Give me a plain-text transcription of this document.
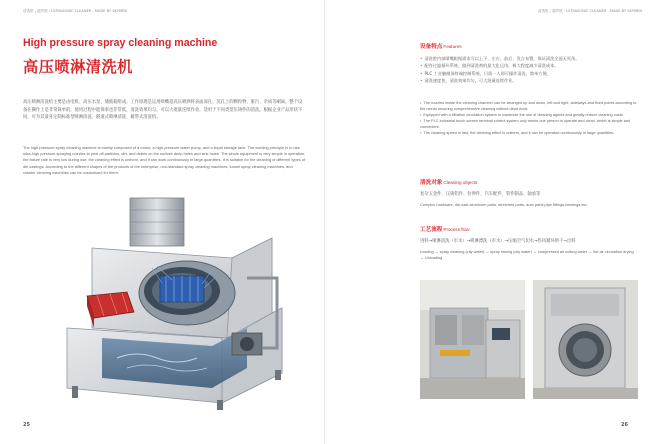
清洗机|超声波/ULTRASONIC CLEANER - MADE BY SKYMEN
High pressure spray cleaning machine
高压喷淋清洗机

高压喷淋清洗机主要是由电机、高压水泵、储液箱组成。工作原理是运用喷嘴超高压喷洒将表面深孔、沉孔上的颗粒物、脏污、杂质等刷离。整个设备在操作上是非常简单的，使用过程中能保率也非常低，清洗效果均匀，可以大批量连续作业。适用于不同类型压铸件的清洗。根据企业产品形状不同，可为其量身定制标准型喷淋清洗、隧道式喷淋清洗、履带式清洗机。

The high-pressure spray cleaning machine is mainly composed of a motor, a high-pressure water pump, and a liquid storage tank. The working principle is to use ultra-high pressure spraying nozzles to peel off particles, dirt, and debris on the surface deep holes and sink holes. The whole equipment is very simple in operation, the failure rate is very low during use, the cleaning effect is uniform, and it can work continuously in large quantities. It is suitable for the cleaning of different types of die castings. According to the different shapes of the products of the enterprise, non-standard spray cleaning machines, tunnel spray cleaning machines, and crawler cleaning machines can be customized for them.

25
清洗机|超声波/ULTRASONIC CLEANER - MADE BY SKYMEN
设备特点Features
• 清洗腔内部喷嘴根据需求可以上下、左右、前后、发点布置，保证清洗全面无死角。
• 配有过滤循环系统，做到清洗剂的最大化运用，极大程度减少清洗成本。
• PLC 工业触摸屏终端控制系统，只需一人即可操作清洗，简单方便。
• 清洗速度快，清洗效果均匀，可大批量连续作业。
• The nozzles inside the cleaning chamber can be arranged up and down, left and right, sideways and fixed points according to the needs ensuring comprehensive cleaning without dead ends.
• Equipped with a filtration circulation system to maximize the use of cleaning agents and greatly reduce cleaning costs.
• The PLC industrial touch screen terminal control system only needs one person to operate and clean, which is simple and convenient.
• The cleaning speed is fast, the cleaning effect is uniform, and it can be operated continuously in large quantities.
清洗对象Cleaning objects
复杂五金件、压铸铝件、拉伸件、汽车配件、管件制品、轴承等
Complex hardware, die-cast aluminum parts, stretched parts, auto parts,pipe fittings,bearings,etc.
工艺流程Process flow
进料→喷淋清洗（市水）→喷淋漂洗（市水）→压缩空气切水→热风循环烘干→出料
Loading → spray cleaning (city water) → spray rinsing (city water) → compressed air cutting water → hot air circulation drying → Unloading
26
